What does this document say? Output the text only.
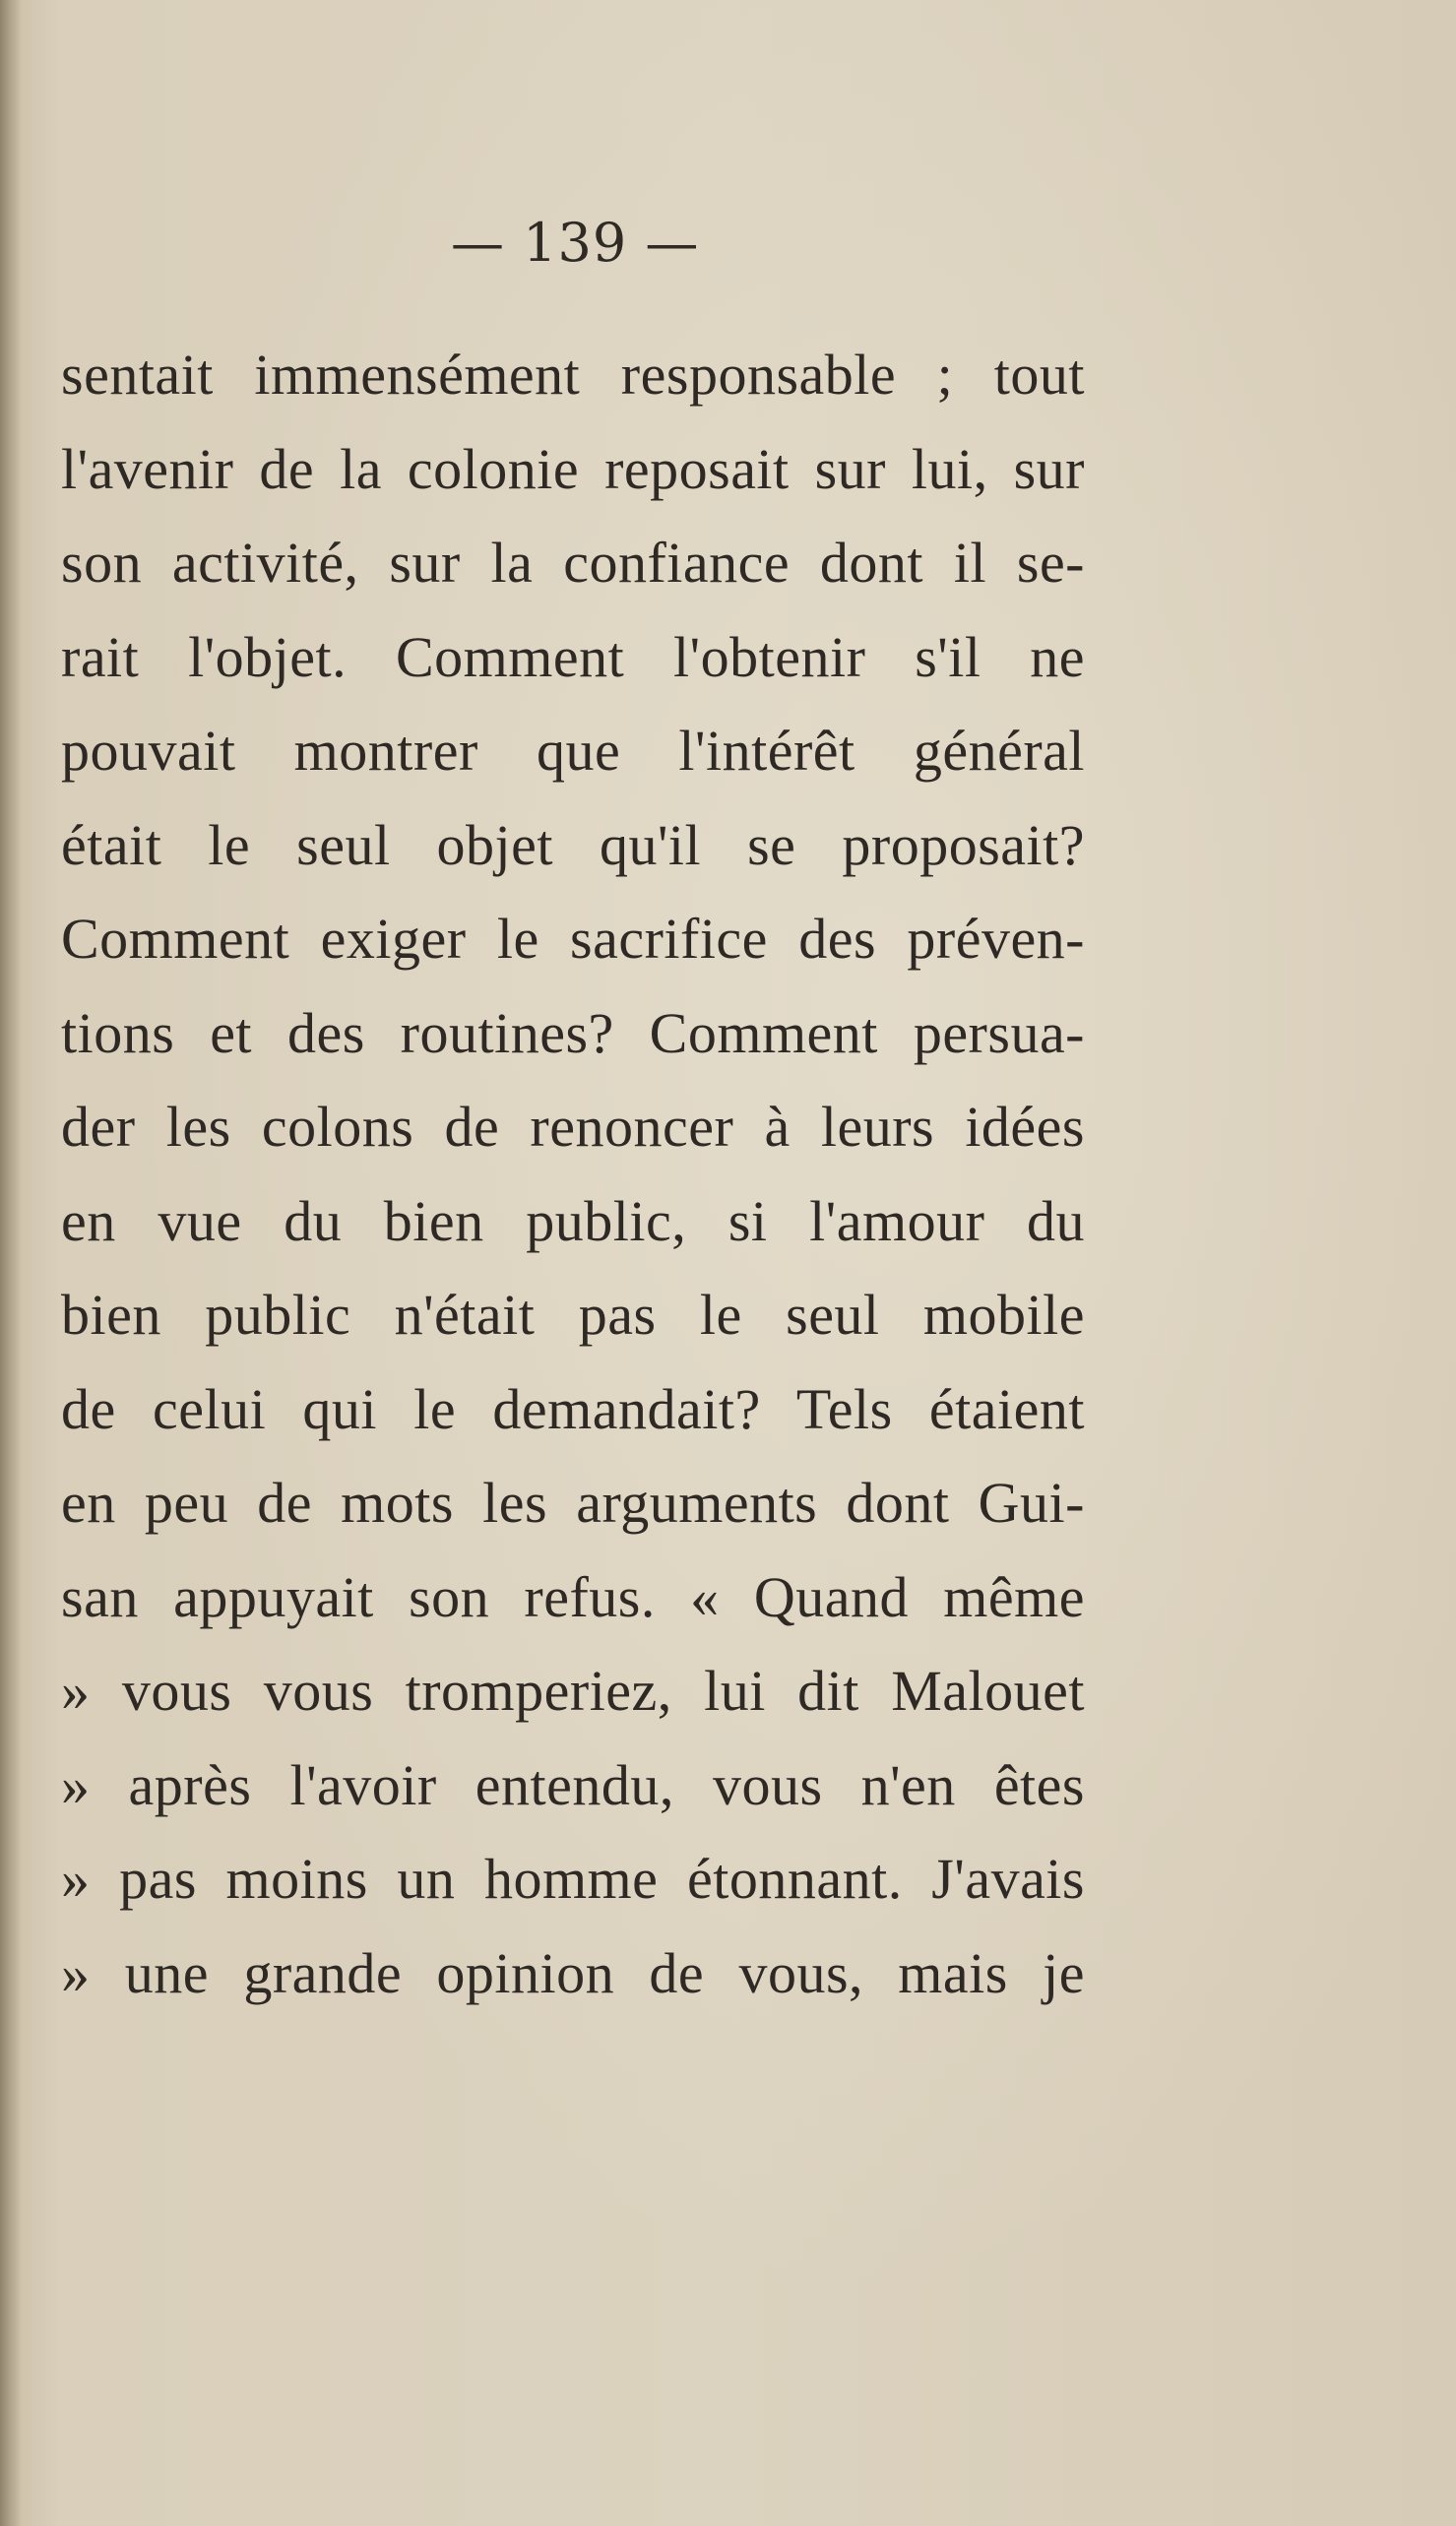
— 139 —
sentait immensément responsable ; tout
l'avenir de la colonie reposait sur lui, sur
son activité, sur la confiance dont il se-
rait l'objet. Comment l'obtenir s'il ne
pouvait montrer que l'intérêt général
était le seul objet qu'il se proposait?
Comment exiger le sacrifice des préven-
tions et des routines? Comment persua-
der les colons de renoncer à leurs idées
en vue du bien public, si l'amour du
bien public n'était pas le seul mobile
de celui qui le demandait? Tels étaient
en peu de mots les arguments dont Gui-
san appuyait son refus. « Quand même
» vous vous tromperiez, lui dit Malouet
» après l'avoir entendu, vous n'en êtes
» pas moins un homme étonnant. J'avais
» une grande opinion de vous, mais je
